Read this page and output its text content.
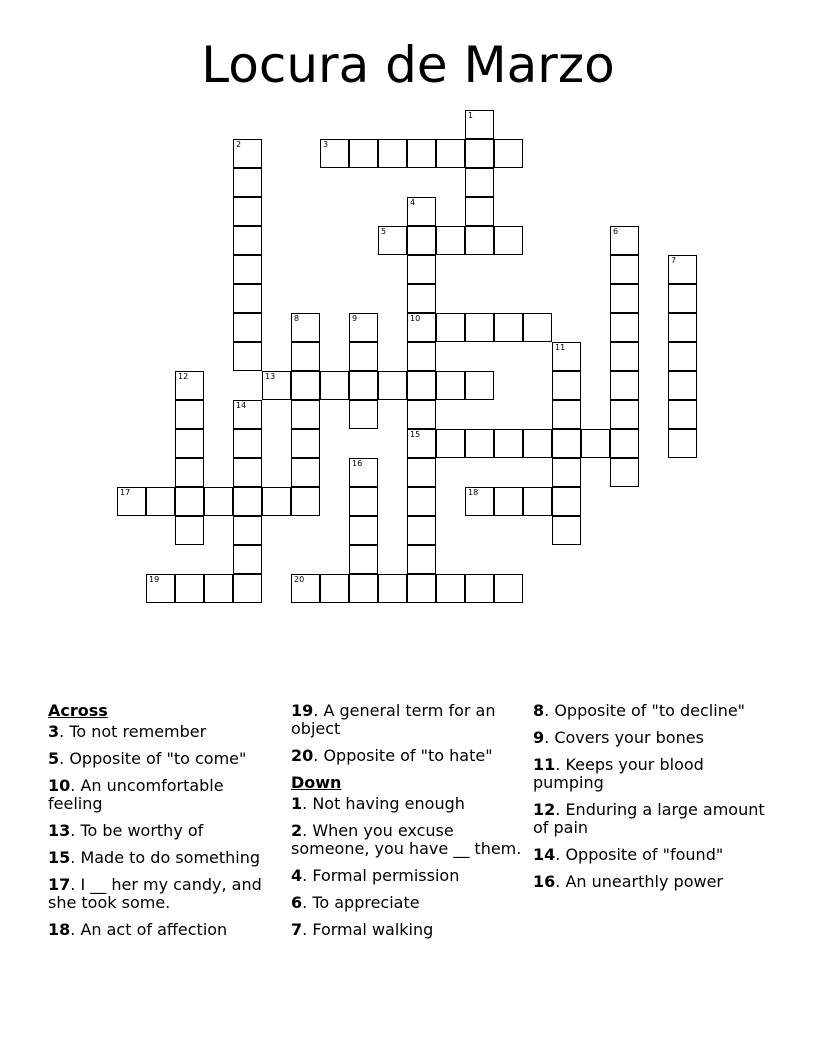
Locura de Marzo
1
2	3
4
10
15
5	6
7
8	9
11
12	13
14
16
17	18
19	20
Across
3. To not remember
5. Opposite of "to come"
10. An uncomfortable feeling
13. To be worthy of
15. Made to do something
17. I __ her my candy, and she took some.
18. An act of affection
19. A general term for an object
20. Opposite of "to hate"
Down
1. Not having enough
2. When you excuse someone, you have __ them.
4. Formal permission
6. To appreciate
7. Formal walking
8. Opposite of "to decline"
9. Covers your bones
11. Keeps your blood pumping
12. Enduring a large amount of pain
14. Opposite of "found"
16. An unearthly power
